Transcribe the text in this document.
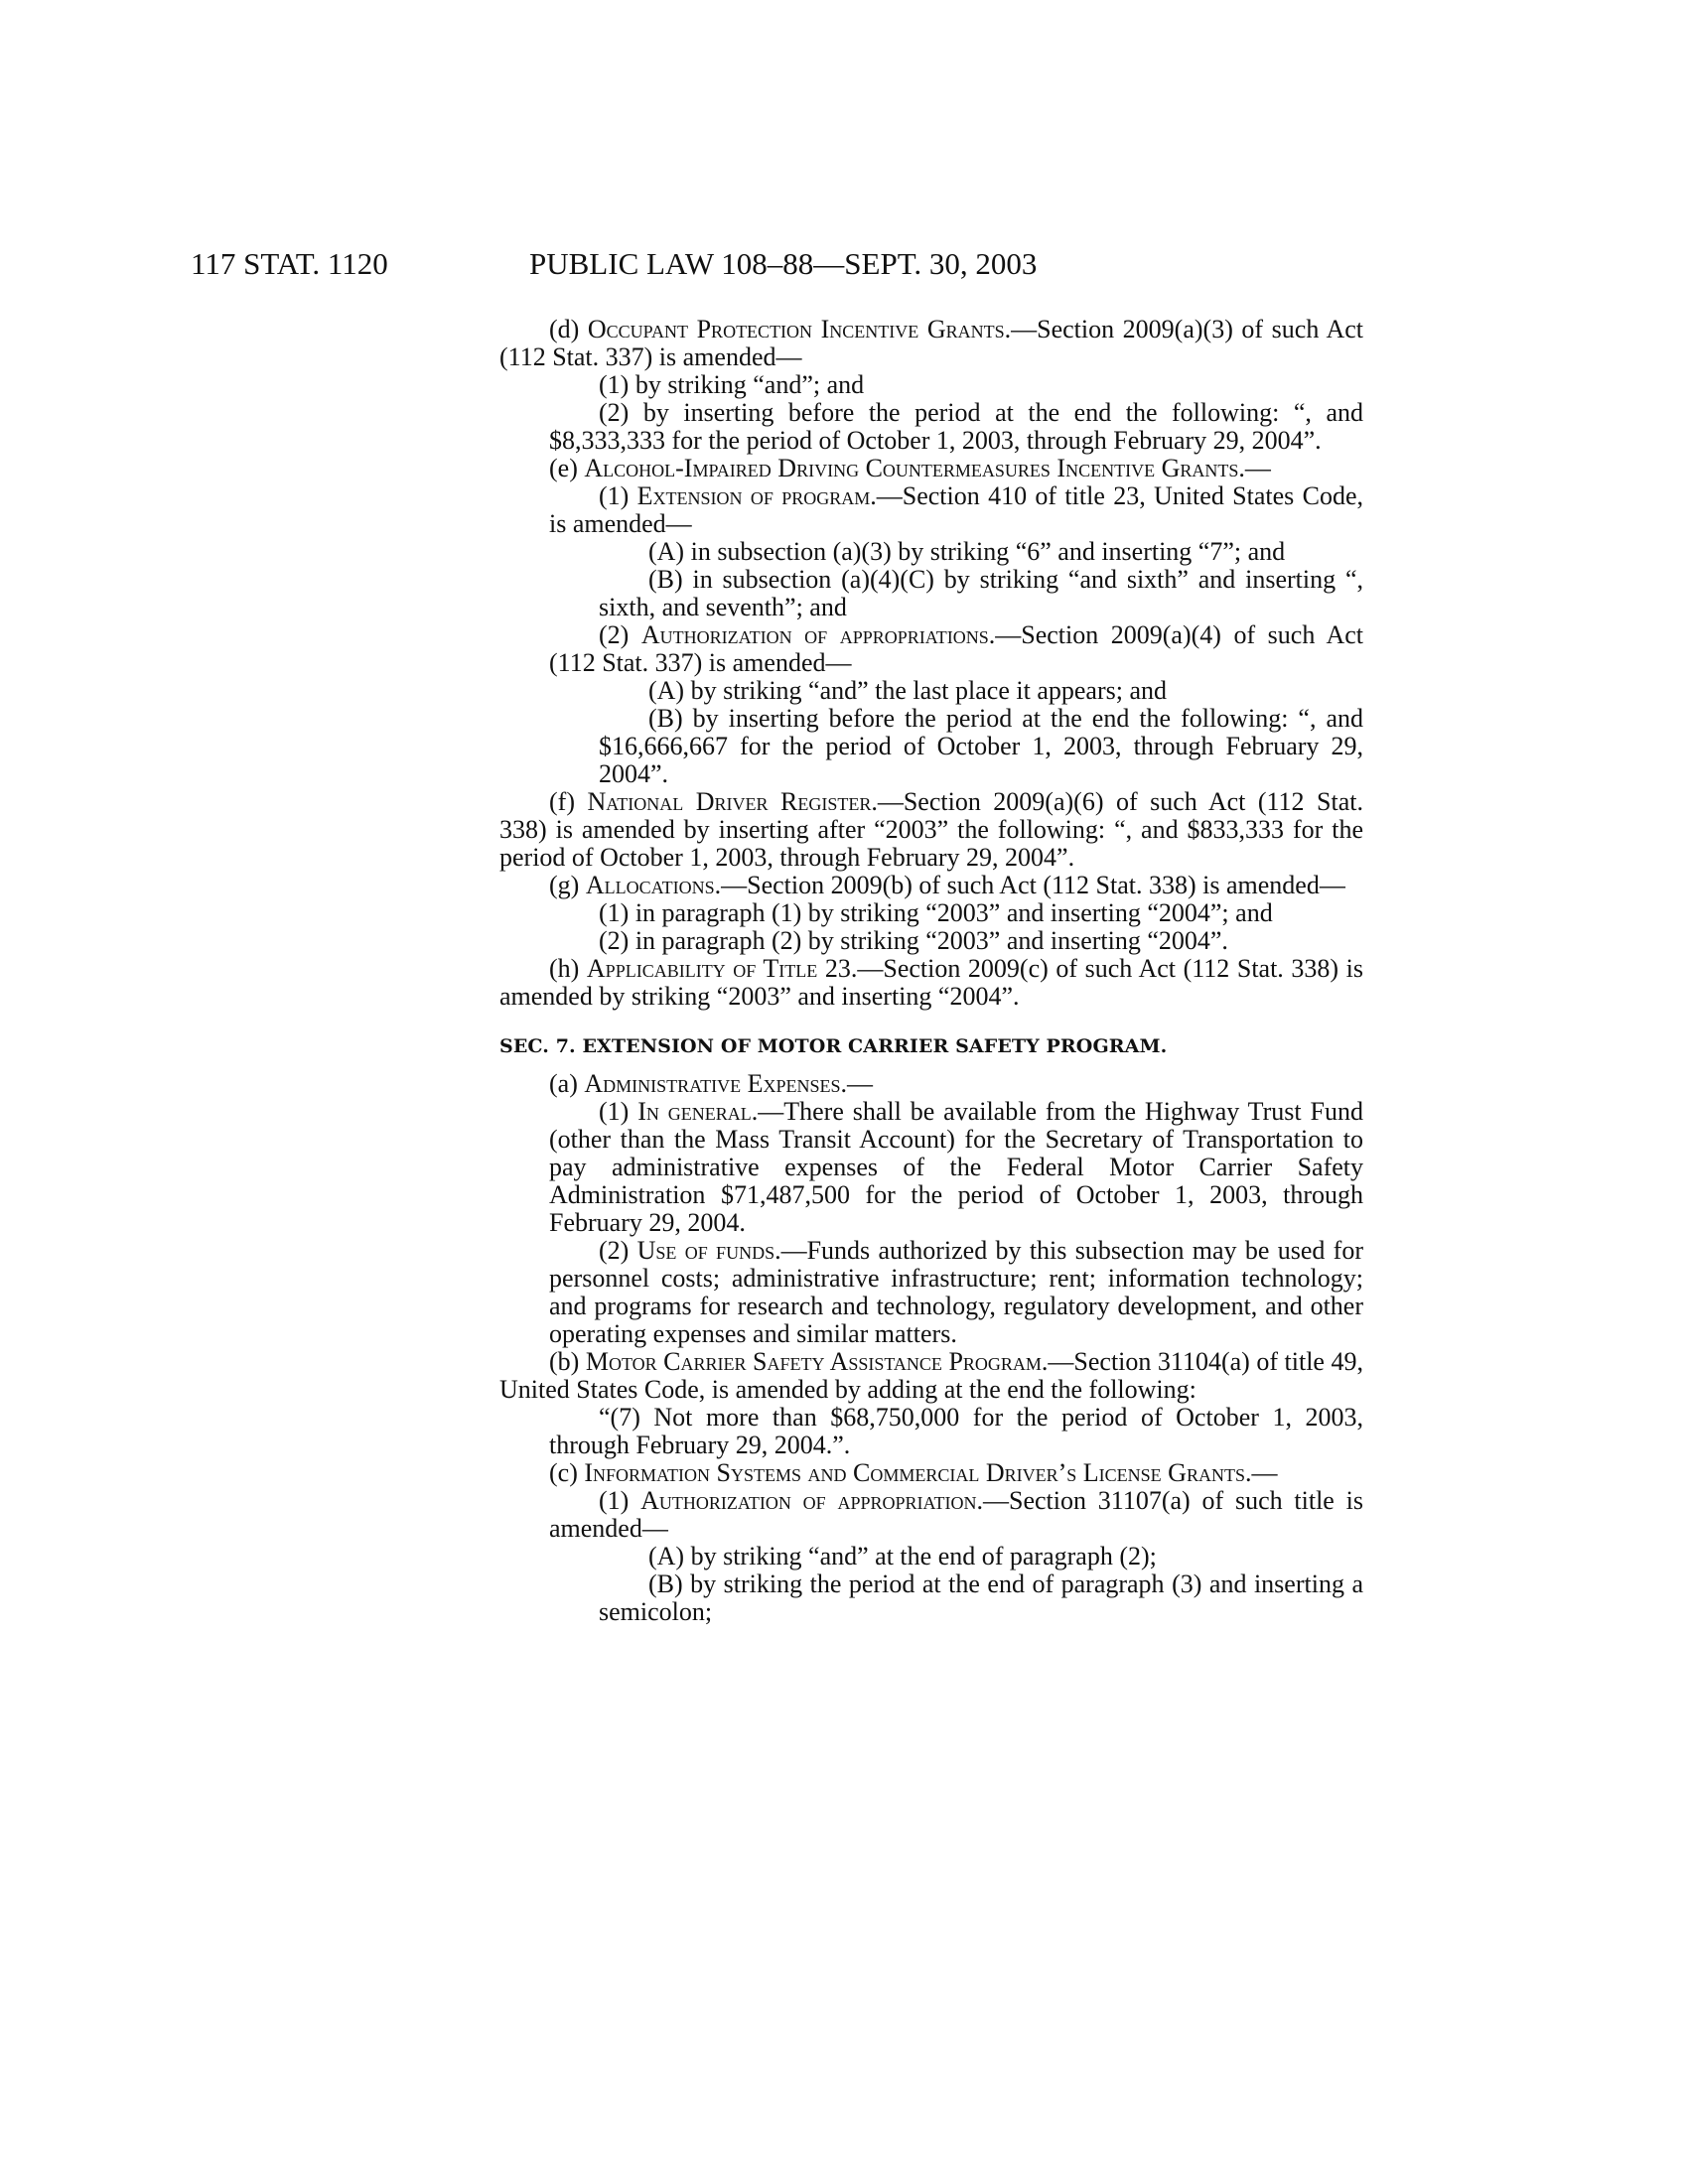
117 STAT. 1120	PUBLIC LAW 108–88—SEPT. 30, 2003

(d) Occupant Protection Incentive Grants.—Section 2009(a)(3) of such Act (112 Stat. 337) is amended—

(1) by striking “and”; and

(2) by inserting before the period at the end the following: “, and $8,333,333 for the period of October 1, 2003, through February 29, 2004”.

(e) Alcohol-Impaired Driving Countermeasures Incentive Grants.—

(1) Extension of program.—Section 410 of title 23, United States Code, is amended—

(A) in subsection (a)(3) by striking “6” and inserting “7”; and

(B) in subsection (a)(4)(C) by striking “and sixth” and inserting “, sixth, and seventh”; and

(2) Authorization of appropriations.—Section 2009(a)(4) of such Act (112 Stat. 337) is amended—

(A) by striking “and” the last place it appears; and

(B) by inserting before the period at the end the following: “, and $16,666,667 for the period of October 1, 2003, through February 29, 2004”.

(f) National Driver Register.—Section 2009(a)(6) of such Act (112 Stat. 338) is amended by inserting after “2003” the following: “, and $833,333 for the period of October 1, 2003, through February 29, 2004”.

(g) Allocations.—Section 2009(b) of such Act (112 Stat. 338) is amended—

(1) in paragraph (1) by striking “2003” and inserting “2004”; and

(2) in paragraph (2) by striking “2003” and inserting “2004”.

(h) Applicability of Title 23.—Section 2009(c) of such Act (112 Stat. 338) is amended by striking “2003” and inserting “2004”.

SEC. 7. EXTENSION OF MOTOR CARRIER SAFETY PROGRAM.

(a) Administrative Expenses.—

(1) In general.—There shall be available from the Highway Trust Fund (other than the Mass Transit Account) for the Secretary of Transportation to pay administrative expenses of the Federal Motor Carrier Safety Administration $71,487,500 for the period of October 1, 2003, through February 29, 2004.

(2) Use of funds.—Funds authorized by this subsection may be used for personnel costs; administrative infrastructure; rent; information technology; and programs for research and technology, regulatory development, and other operating expenses and similar matters.

(b) Motor Carrier Safety Assistance Program.—Section 31104(a) of title 49, United States Code, is amended by adding at the end the following:

“(7) Not more than $68,750,000 for the period of October 1, 2003, through February 29, 2004.”.

(c) Information Systems and Commercial Driver’s License Grants.—

(1) Authorization of appropriation.—Section 31107(a) of such title is amended—

(A) by striking “and” at the end of paragraph (2);

(B) by striking the period at the end of paragraph (3) and inserting a semicolon;
